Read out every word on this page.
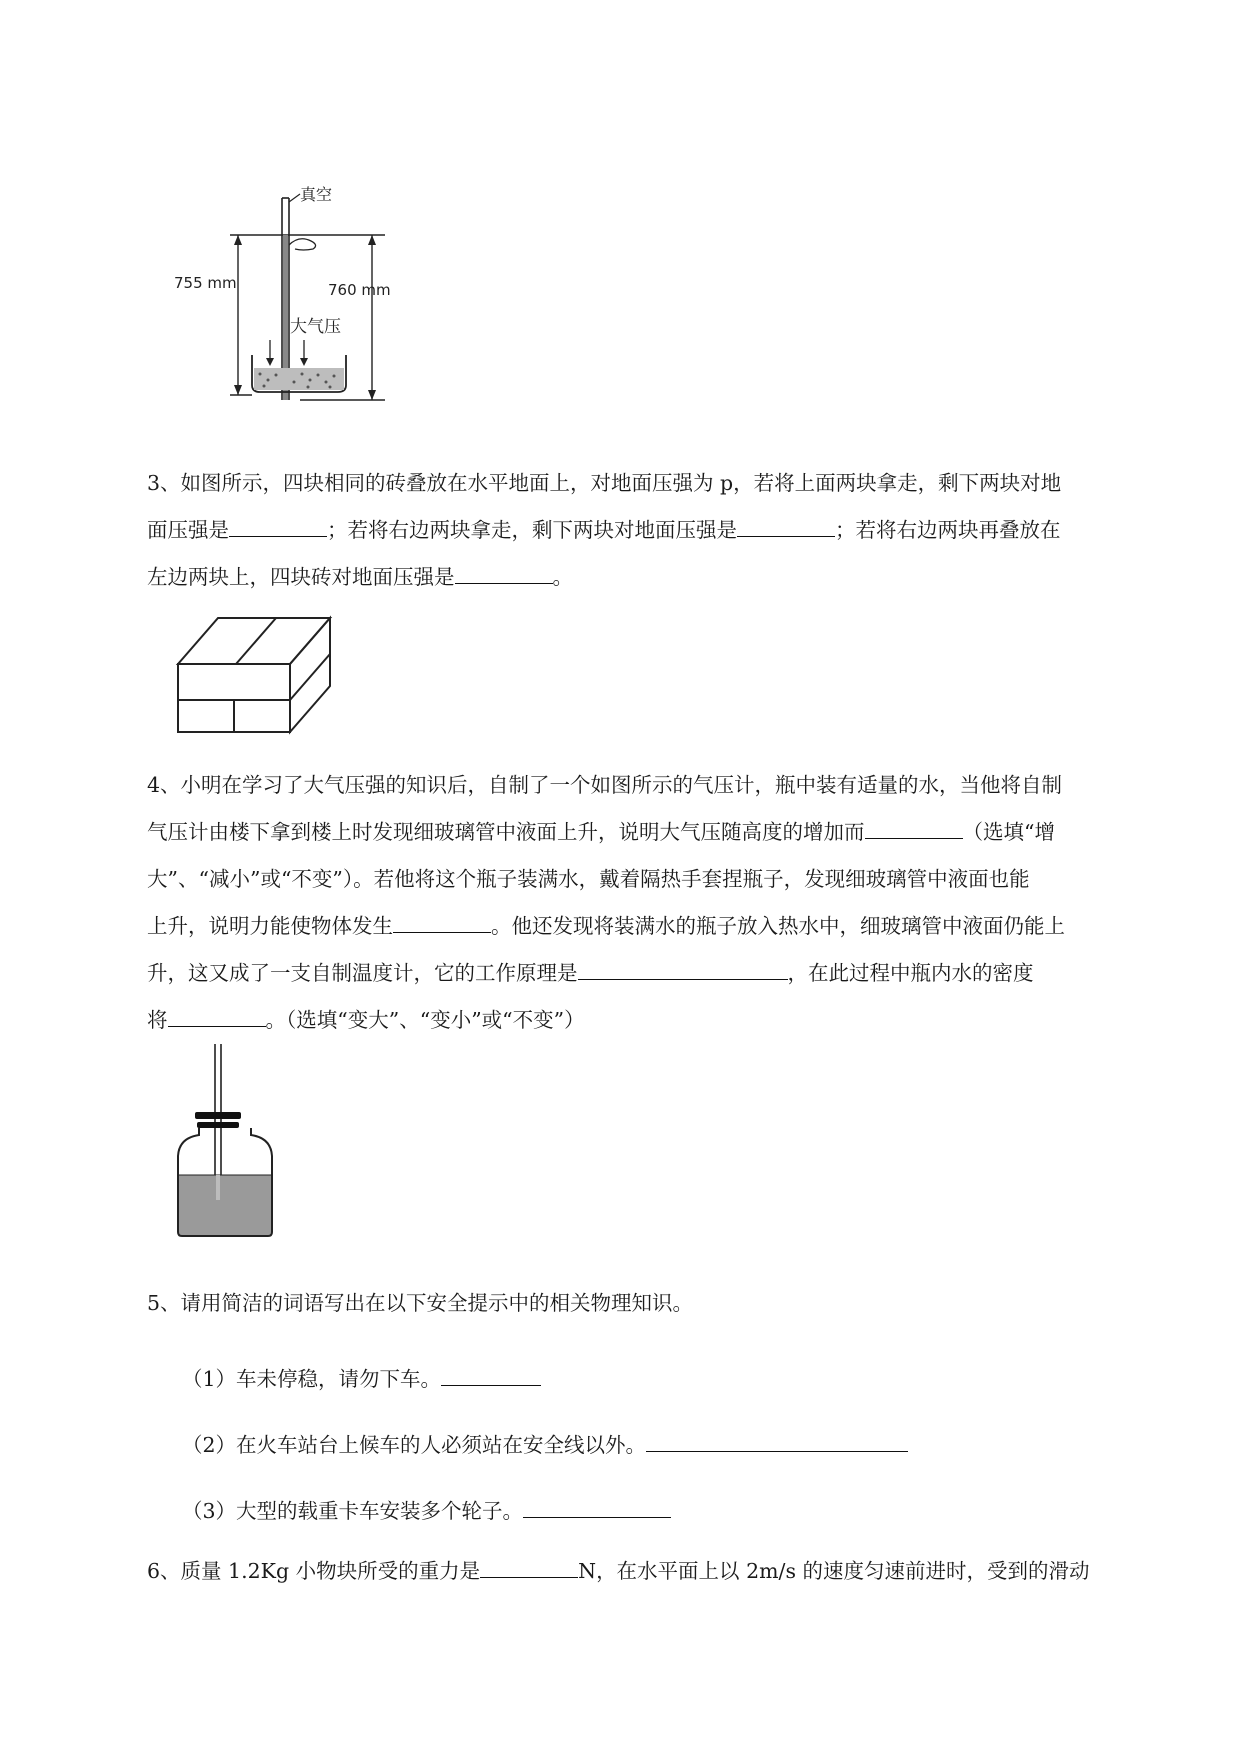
真空
755 mm	760 mm
大气压
3、如图所示，四块相同的砖叠放在水平地面上，对地面压强为 p，若将上面两块拿走，剩下两块对地
面压强是	；若将右边两块拿走，剩下两块对地面压强是	；若将右边两块再叠放在
左边两块上，四块砖对地面压强是	。
4、小明在学习了大气压强的知识后，自制了一个如图所示的气压计，瓶中装有适量的水，当他将自制
气压计由楼下拿到楼上时发现细玻璃管中液面上升，说明大气压随高度的增加而	（选填“增
大”、“减小”或“不变”）。若他将这个瓶子装满水，戴着隔热手套捏瓶子，发现细玻璃管中液面也能
上升，说明力能使物体发生	。他还发现将装满水的瓶子放入热水中，细玻璃管中液面仍能上
升，这又成了一支自制温度计，它的工作原理是	，在此过程中瓶内水的密度
将	。（选填“变大”、“变小”或“不变”）
5、请用简洁的词语写出在以下安全提示中的相关物理知识。
（1）车未停稳，请勿下车。
（2）在火车站台上候车的人必须站在安全线以外。
（3）大型的载重卡车安装多个轮子。
6、质量 1.2Kg 小物块所受的重力是	N，在水平面上以 2m/s 的速度匀速前进时，受到的滑动
